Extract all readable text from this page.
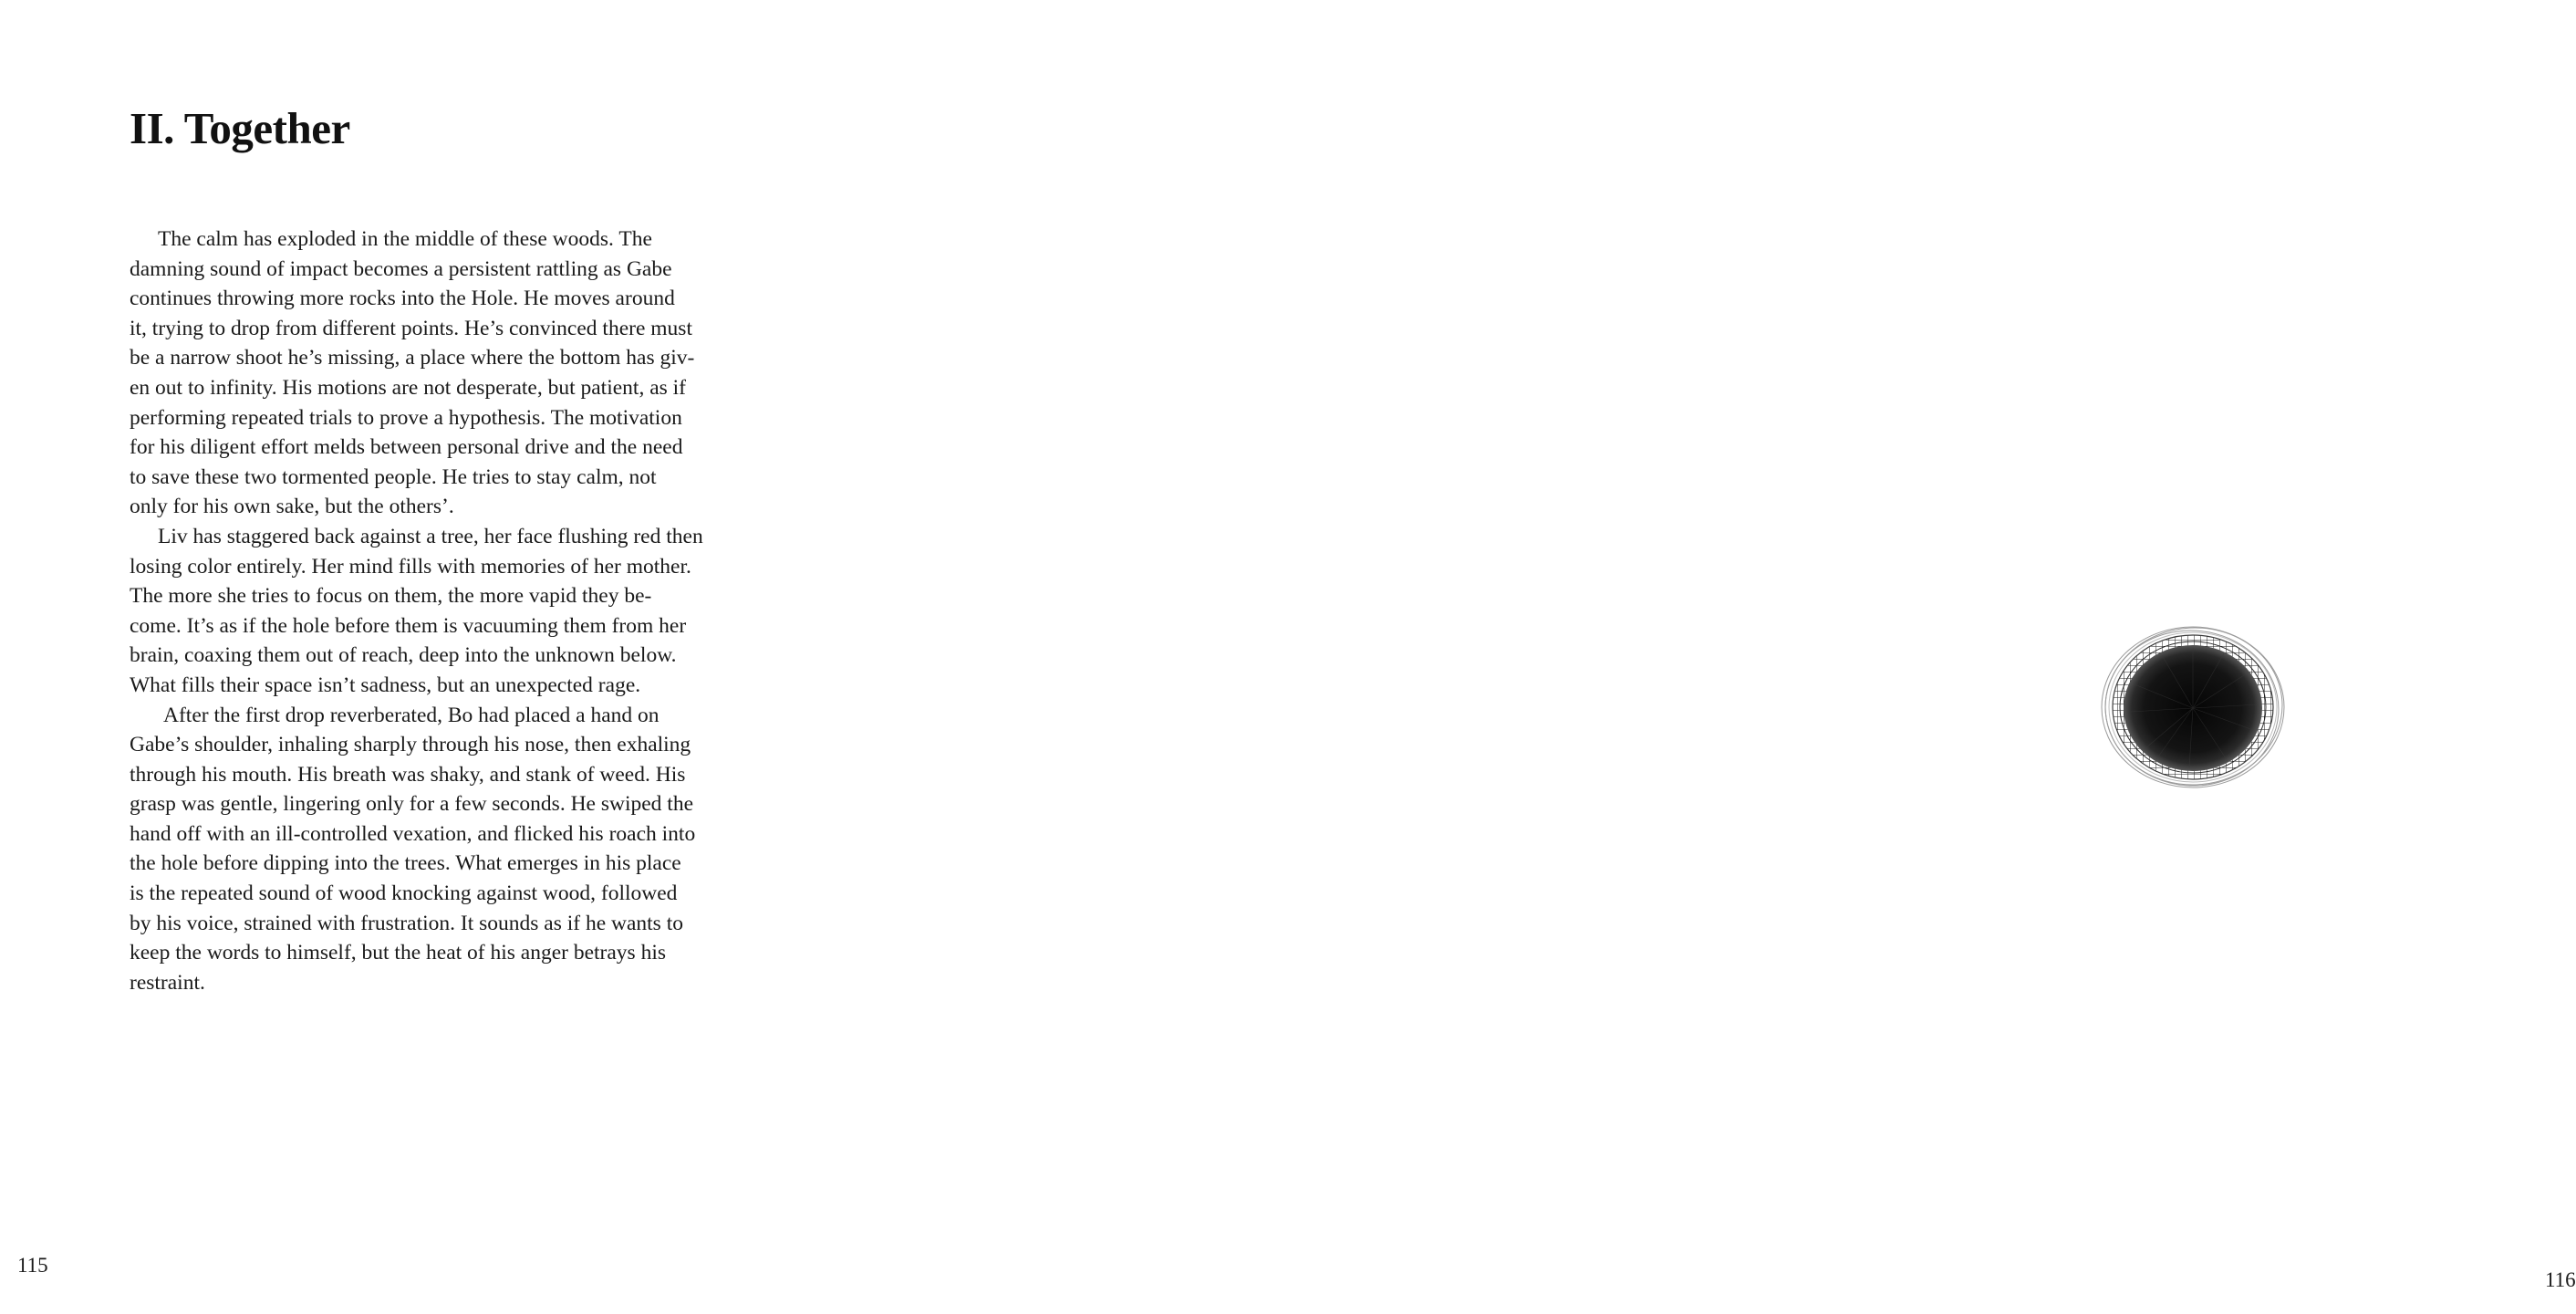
II. Together

The calm has exploded in the middle of these woods. The
damning sound of impact becomes a persistent rattling as Gabe
continues throwing more rocks into the Hole. He moves around
it, trying to drop from different points. He’s convinced there must
be a narrow shoot he’s missing, a place where the bottom has giv-
en out to infinity. His motions are not desperate, but patient, as if
performing repeated trials to prove a hypothesis. The motivation
for his diligent effort melds between personal drive and the need
to save these two tormented people. He tries to stay calm, not
only for his own sake, but the others’.

Liv has staggered back against a tree, her face flushing red then
losing color entirely. Her mind fills with memories of her mother.
The more she tries to focus on them, the more vapid they be-
come. It’s as if the hole before them is vacuuming them from her
brain, coaxing them out of reach, deep into the unknown below.
What fills their space isn’t sadness, but an unexpected rage.

After the first drop reverberated, Bo had placed a hand on
Gabe’s shoulder, inhaling sharply through his nose, then exhaling
through his mouth. His breath was shaky, and stank of weed. His
grasp was gentle, lingering only for a few seconds. He swiped the
hand off with an ill-controlled vexation, and flicked his roach into
the hole before dipping into the trees. What emerges in his place
is the repeated sound of wood knocking against wood, followed
by his voice, strained with frustration. It sounds as if he wants to
keep the words to himself, but the heat of his anger betrays his
restraint.

115
116
